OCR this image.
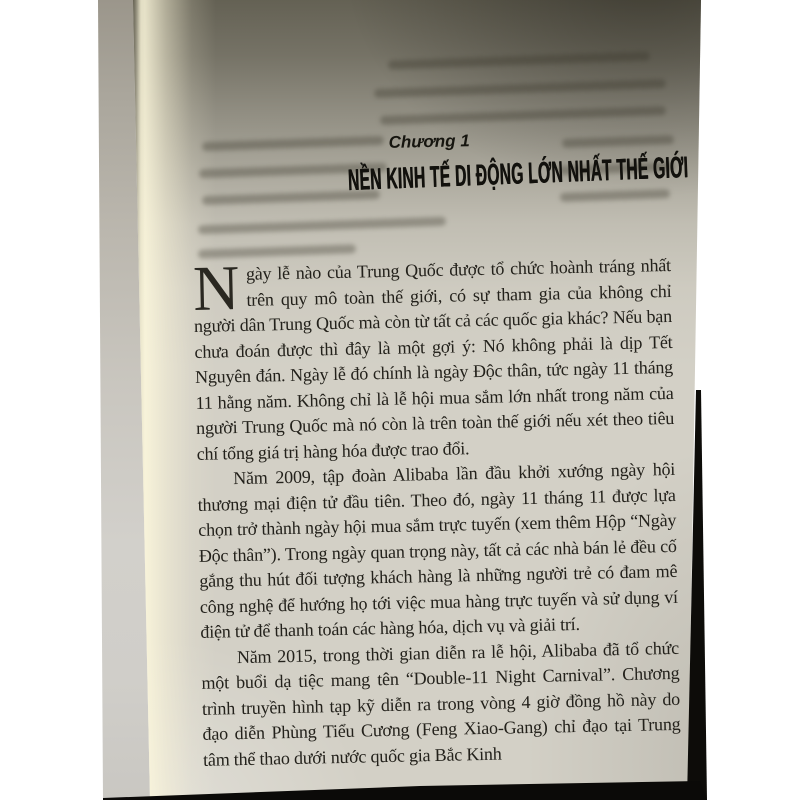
Chương 1
NỀN KINH TẾ DI ĐỘNG LỚN NHẤT THẾ GIỚI

Ngày lễ nào của Trung Quốc được tổ chức hoành tráng nhất trên quy mô toàn thế giới, có sự tham gia của không chỉ người dân Trung Quốc mà còn từ tất cả các quốc gia khác? Nếu bạn chưa đoán được thì đây là một gợi ý: Nó không phải là dịp Tết Nguyên đán. Ngày lễ đó chính là ngày Độc thân, tức ngày 11 tháng 11 hằng năm. Không chỉ là lễ hội mua sắm lớn nhất trong năm của người Trung Quốc mà nó còn là trên toàn thế giới nếu xét theo tiêu chí tổng giá trị hàng hóa được trao đổi.

Năm 2009, tập đoàn Alibaba lần đầu khởi xướng ngày hội thương mại điện tử đầu tiên. Theo đó, ngày 11 tháng 11 được lựa chọn trở thành ngày hội mua sắm trực tuyến (xem thêm Hộp “Ngày Độc thân”). Trong ngày quan trọng này, tất cả các nhà bán lẻ đều cố gắng thu hút đối tượng khách hàng là những người trẻ có đam mê công nghệ để hướng họ tới việc mua hàng trực tuyến và sử dụng ví điện tử để thanh toán các hàng hóa, dịch vụ và giải trí.

Năm 2015, trong thời gian diễn ra lễ hội, Alibaba đã tổ chức một buổi dạ tiệc mang tên “Double-11 Night Carnival”. Chương trình truyền hình tạp kỹ diễn ra trong vòng 4 giờ đồng hồ này do đạo diễn Phùng Tiểu Cương (Feng Xiao-Gang) chỉ đạo tại Trung tâm thể thao dưới nước quốc gia Bắc Kinh
